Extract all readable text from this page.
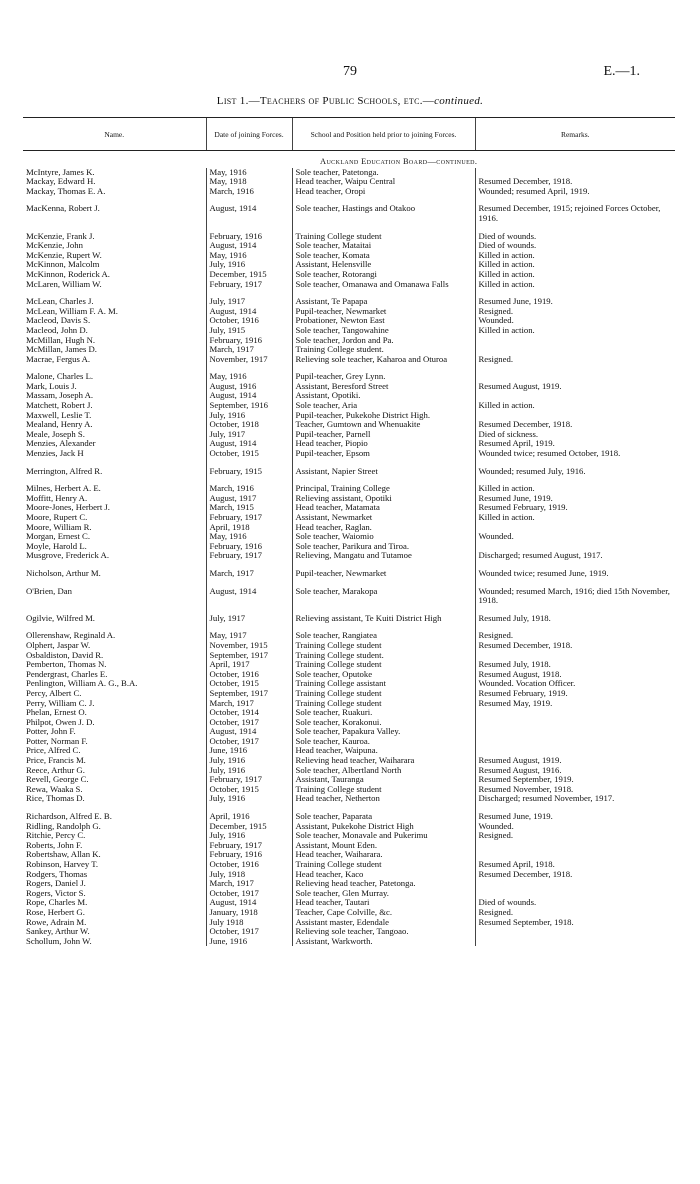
79	E.—1.
List 1.—Teachers of Public Schools, etc.—continued.
Name.	Date of joining Forces.	School and Position held prior to joining Forces.	Remarks.
		Auckland Education Board—continued.	
McIntyre, James K.	May, 1916	Sole teacher, Patetonga.	
Mackay, Edward H.	May, 1918	Head teacher, Waipu Central	Resumed December, 1918.
Mackay, Thomas E. A.	March, 1916	Head teacher, Oropi	Wounded; resumed April, 1919.
MacKenna, Robert J.	August, 1914	Sole teacher, Hastings and Otakoo	Resumed December, 1915; rejoined Forces October, 1916.
McKenzie, Frank J.	February, 1916	Training College student	Died of wounds.
McKenzie, John	August, 1914	Sole teacher, Mataitai	Died of wounds.
McKenzie, Rupert W.	May, 1916	Sole teacher, Komata	Killed in action.
McKinnon, Malcolm	July, 1916	Assistant, Helensville	Killed in action.
McKinnon, Roderick A.	December, 1915	Sole teacher, Rotorangi	Killed in action.
McLaren, William W.	February, 1917	Sole teacher, Omanawa and Omanawa Falls	Killed in action.
McLean, Charles J.	July, 1917	Assistant, Te Papapa	Resumed June, 1919.
McLean, William F. A. M.	August, 1914	Pupil-teacher, Newmarket	Resigned.
Macleod, Davis S.	October, 1916	Probationer, Newton East	Wounded.
Macleod, John D.	July, 1915	Sole teacher, Tangowahine	Killed in action.
McMillan, Hugh N.	February, 1916	Sole teacher, Jordon and Pa.	
McMillan, James D.	March, 1917	Training College student.	
Macrae, Fergus A.	November, 1917	Relieving sole teacher, Kaharoa and Oturoa	Resigned.
Malone, Charles L.	May, 1916	Pupil-teacher, Grey Lynn.	
Mark, Louis J.	August, 1916	Assistant, Beresford Street	Resumed August, 1919.
Massam, Joseph A.	August, 1914	Assistant, Opotiki.	
Matchett, Robert J.	September, 1916	Sole teacher, Aria	Killed in action.
Maxwell, Leslie T.	July, 1916	Pupil-teacher, Pukekohe District High.	
Mealand, Henry A.	October, 1918	Teacher, Gumtown and Whenuakite	Resumed December, 1918.
Meale, Joseph S.	July, 1917	Pupil-teacher, Parnell	Died of sickness.
Menzies, Alexander	August, 1914	Head teacher, Piopio	Resumed April, 1919.
Menzies, Jack H	October, 1915	Pupil-teacher, Epsom	Wounded twice; resumed October, 1918.
Merrington, Alfred R.	February, 1915	Assistant, Napier Street	Wounded; resumed July, 1916.
Milnes, Herbert A. E.	March, 1916	Principal, Training College	Killed in action.
Moffitt, Henry A.	August, 1917	Relieving assistant, Opotiki	Resumed June, 1919.
Moore-Jones, Herbert J.	March, 1915	Head teacher, Matamata	Resumed February, 1919.
Moore, Rupert C.	February, 1917	Assistant, Newmarket	Killed in action.
Moore, William R.	April, 1918	Head teacher, Raglan.	
Morgan, Ernest C.	May, 1916	Sole teacher, Waiomio	Wounded.
Moyle, Harold L.	February, 1916	Sole teacher, Parikura and Tiroa.	
Musgrove, Frederick A.	February, 1917	Relieving, Mangatu and Tutamoe	Discharged; resumed August, 1917.
Nicholson, Arthur M.	March, 1917	Pupil-teacher, Newmarket	Wounded twice; resumed June, 1919.
O'Brien, Dan	August, 1914	Sole teacher, Marakopa	Wounded; resumed March, 1916; died 15th November, 1918.
Ogilvie, Wilfred M.	July, 1917	Relieving assistant, Te Kuiti District High	Resumed July, 1918.
Ollerenshaw, Reginald A.	May, 1917	Sole teacher, Rangiatea	Resigned.
Olphert, Jaspar W.	November, 1915	Training College student	Resumed December, 1918.
Osbaldiston, David R.	September, 1917	Training College student.	
Pemberton, Thomas N.	April, 1917	Training College student	Resumed July, 1918.
Pendergrast, Charles E.	October, 1916	Sole teacher, Oputoke	Resumed August, 1918.
Penlington, William A. G., B.A.	October, 1915	Training College assistant	Wounded. Vocation Officer.
Percy, Albert C.	September, 1917	Training College student	Resumed February, 1919.
Perry, William C. J.	March, 1917	Training College student	Resumed May, 1919.
Phelan, Ernest O.	October, 1914	Sole teacher, Ruakuri.	
Philpot, Owen J. D.	October, 1917	Sole teacher, Korakonui.	
Potter, John F.	August, 1914	Sole teacher, Papakura Valley.	
Potter, Norman F.	October, 1917	Sole teacher, Kauroa.	
Price, Alfred C.	June, 1916	Head teacher, Waipuna.	
Price, Francis M.	July, 1916	Relieving head teacher, Waiharara	Resumed August, 1919.
Reece, Arthur G.	July, 1916	Sole teacher, Albertland North	Resumed August, 1916.
Revell, George C.	February, 1917	Assistant, Tauranga	Resumed September, 1919.
Rewa, Waaka S.	October, 1915	Training College student	Resumed November, 1918.
Rice, Thomas D.	July, 1916	Head teacher, Netherton	Discharged; resumed November, 1917.
Richardson, Alfred E. B.	April, 1916	Sole teacher, Paparata	Resumed June, 1919.
Ridling, Randolph G.	December, 1915	Assistant, Pukekohe District High	Wounded.
Ritchie, Percy C.	July, 1916	Sole teacher, Monavale and Pukerimu	Resigned.
Roberts, John F.	February, 1917	Assistant, Mount Eden.	
Robertshaw, Allan K.	February, 1916	Head teacher, Waiharara.	
Robinson, Harvey T.	October, 1916	Training College student	Resumed April, 1918.
Rodgers, Thomas	July, 1918	Head teacher, Kaco	Resumed December, 1918.
Rogers, Daniel J.	March, 1917	Relieving head teacher, Patetonga.	
Rogers, Victor S.	October, 1917	Sole teacher, Glen Murray.	
Rope, Charles M.	August, 1914	Head teacher, Tautari	Died of wounds.
Rose, Herbert G.	January, 1918	Teacher, Cape Colville, &c.	Resigned.
Rowe, Adrain M.	July 1918	Assistant master, Edendale	Resumed September, 1918.
Sankey, Arthur W.	October, 1917	Relieving sole teacher, Tangoao.	
Schollum, John W.	June, 1916	Assistant, Warkworth.	
